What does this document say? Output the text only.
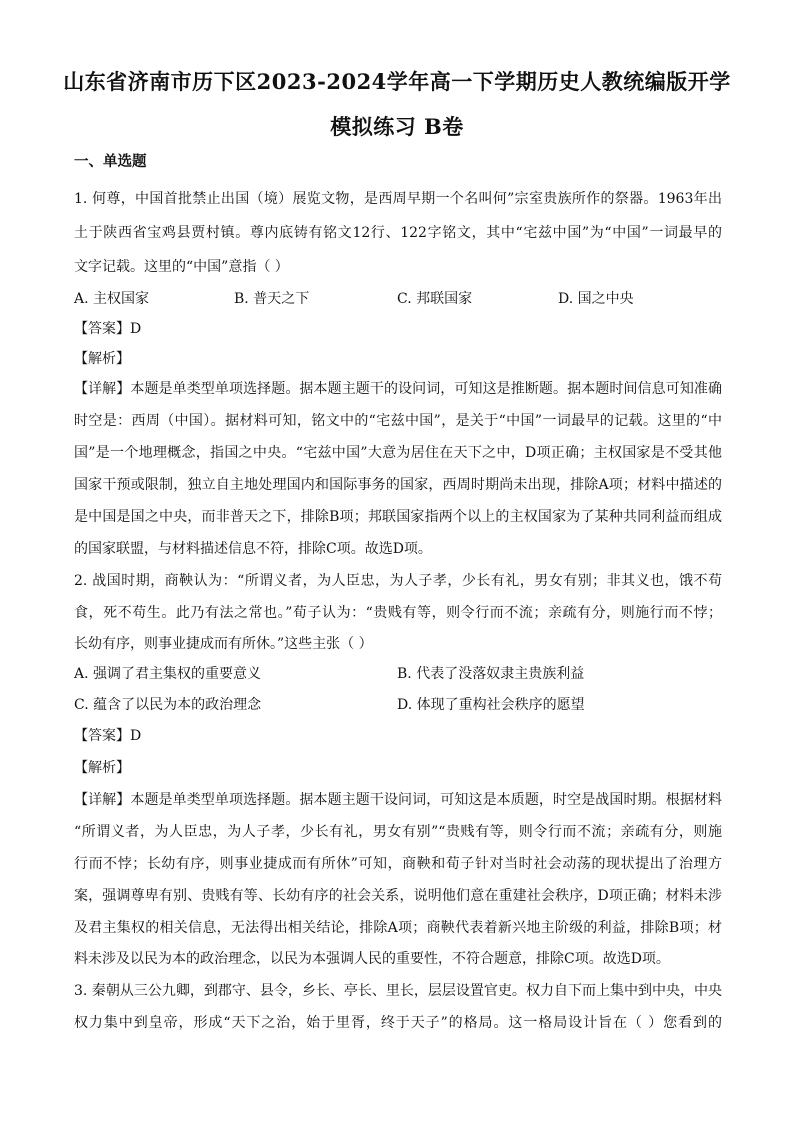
山东省济南市历下区2023-2024学年高一下学期历史人教统编版开学
模拟练习 B卷
一、单选题
1. 何尊，中国首批禁止出国（境）展览文物，是西周早期一个名叫何”宗室贵族所作的祭器。1963年出
土于陕西省宝鸡县贾村镇。尊内底铸有铭文12行、122字铭文，其中“宅兹中国”为“中国”一词最早的
文字记载。这里的“中国”意指（ ）
A. 主权国家	B. 普天之下	C. 邦联国家	D. 国之中央
【答案】D
【解析】
【详解】本题是单类型单项选择题。据本题主题干的设问词，可知这是推断题。据本题时间信息可知准确
时空是：西周（中国）。据材料可知，铭文中的“宅兹中国”，是关于“中国”一词最早的记载。这里的“中
国”是一个地理概念，指国之中央。“宅兹中国”大意为居住在天下之中，D项正确；主权国家是不受其他
国家干预或限制，独立自主地处理国内和国际事务的国家，西周时期尚未出现，排除A项；材料中描述的
是中国是国之中央，而非普天之下，排除B项；邦联国家指两个以上的主权国家为了某种共同利益而组成
的国家联盟，与材料描述信息不符，排除C项。故选D项。
2. 战国时期，商鞅认为：“所谓义者，为人臣忠，为人子孝，少长有礼，男女有别；非其义也，饿不苟
食，死不苟生。此乃有法之常也。”荀子认为：“贵贱有等，则令行而不流；亲疏有分，则施行而不悖；
长幼有序，则事业捷成而有所休。”这些主张（ ）
A. 强调了君主集权的重要意义	B. 代表了没落奴隶主贵族利益
C. 蕴含了以民为本的政治理念	D. 体现了重构社会秩序的愿望
【答案】D
【解析】
【详解】本题是单类型单项选择题。据本题主题干设问词，可知这是本质题，时空是战国时期。根据材料
“所谓义者，为人臣忠，为人子孝，少长有礼，男女有别”“贵贱有等，则令行而不流；亲疏有分，则施
行而不悖；长幼有序，则事业捷成而有所休”可知，商鞅和荀子针对当时社会动荡的现状提出了治理方
案，强调尊卑有别、贵贱有等、长幼有序的社会关系，说明他们意在重建社会秩序，D项正确；材料未涉
及君主集权的相关信息，无法得出相关结论，排除A项；商鞅代表着新兴地主阶级的利益，排除B项；材
料未涉及以民为本的政治理念，以民为本强调人民的重要性，不符合题意，排除C项。故选D项。
3. 秦朝从三公九卿，到郡守、县令，乡长、亭长、里长，层层设置官吏。权力自下而上集中到中央，中央
权力集中到皇帝，形成“天下之治，始于里胥，终于天子”的格局。这一格局设计旨在（ ）您看到的
